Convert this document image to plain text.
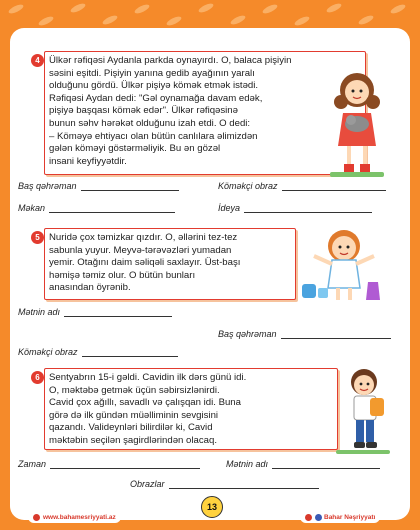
4 Ülkər rəfiqəsi Aydanla parkda oynayırdı. O, balaca pişiyin
səsini eşitdi. Pişiyin yanına gedib ayağının yaralı
olduğunu gördü. Ülkər pişiyə kömək etmək istədi.
Rəfiqəsi Aydan dedi: "Gəl oynamağa davam edək,
pişiyə başqası kömək edər". Ülkər rəfiqəsinə
bunun səhv hərəkət olduğunu izah etdi. O dedi:
– Köməyə ehtiyacı olan bütün canlılara əlimizdən
gələn köməyi göstərməliyik. Bu ən gözəl
insani keyfiyyətdir.
Baş qəhrəman	Köməkçi obraz
Məkan	İdeya
5 Nuridə çox təmizkar qızdır. O, əllərini tez-tez
sabunla yuyur. Meyvə-tərəvəzləri yumadan
yemir. Otağını daim səliqəli saxlayır. Üst-başı
həmişə təmiz olur. O bütün bunları
anasından öyrənib.
Mətnin adı
Baş qəhrəman
Köməkçi obraz
6 Sentyabrın 15-i gəldi. Cavidin ilk dərs günü idi.
O, məktəbə getmək üçün səbirsizlənirdi.
Cavid çox ağıllı, savadlı və çalışqan idi. Buna
görə də ilk gündən müəlliminin sevgisini
qazandı. Valideynləri bilirdilər ki, Cavid
məktəbin seçilən şagirdlərindən olacaq.
Zaman	Mətnin adı
Obrazlar
www.bahamesriyyati.az	Bahar Nəşriyyatı
13
